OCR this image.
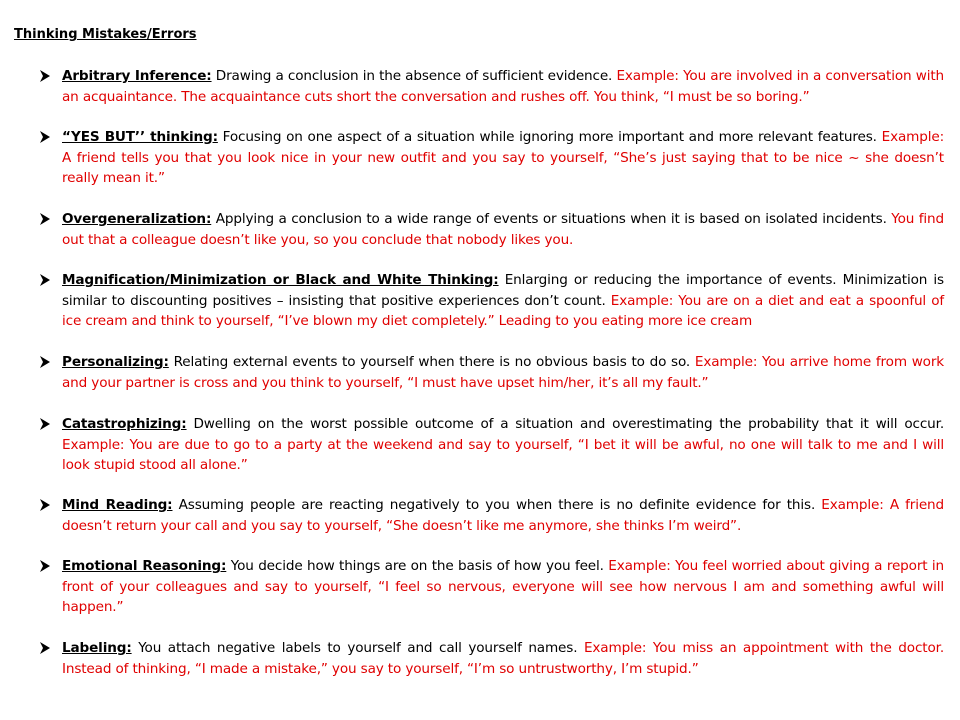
Thinking Mistakes/Errors
Arbitrary Inference: Drawing a conclusion in the absence of sufficient evidence. Example: You are involved in a conversation with an acquaintance. The acquaintance cuts short the conversation and rushes off. You think, “I must be so boring.”
“YES BUT’’ thinking: Focusing on one aspect of a situation while ignoring more important and more relevant features. Example: A friend tells you that you look nice in your new outfit and you say to yourself, “She’s just saying that to be nice ~ she doesn’t really mean it.”
Overgeneralization: Applying a conclusion to a wide range of events or situations when it is based on isolated incidents. You find out that a colleague doesn’t like you, so you conclude that nobody likes you.
Magnification/Minimization or Black and White Thinking: Enlarging or reducing the importance of events. Minimization is similar to discounting positives – insisting that positive experiences don’t count. Example: You are on a diet and eat a spoonful of ice cream and think to yourself, “I’ve blown my diet completely.” Leading to you eating more ice cream
Personalizing: Relating external events to yourself when there is no obvious basis to do so. Example: You arrive home from work and your partner is cross and you think to yourself, “I must have upset him/her, it’s all my fault.”
Catastrophizing: Dwelling on the worst possible outcome of a situation and overestimating the probability that it will occur. Example: You are due to go to a party at the weekend and say to yourself, “I bet it will be awful, no one will talk to me and I will look stupid stood all alone.”
Mind Reading: Assuming people are reacting negatively to you when there is no definite evidence for this. Example: A friend doesn’t return your call and you say to yourself, “She doesn’t like me anymore, she thinks I’m weird”.
Emotional Reasoning: You decide how things are on the basis of how you feel. Example: You feel worried about giving a report in front of your colleagues and say to yourself, “I feel so nervous, everyone will see how nervous I am and something awful will happen.”
Labeling: You attach negative labels to yourself and call yourself names. Example: You miss an appointment with the doctor. Instead of thinking, “I made a mistake,” you say to yourself, “I’m so untrustworthy, I’m stupid.”
